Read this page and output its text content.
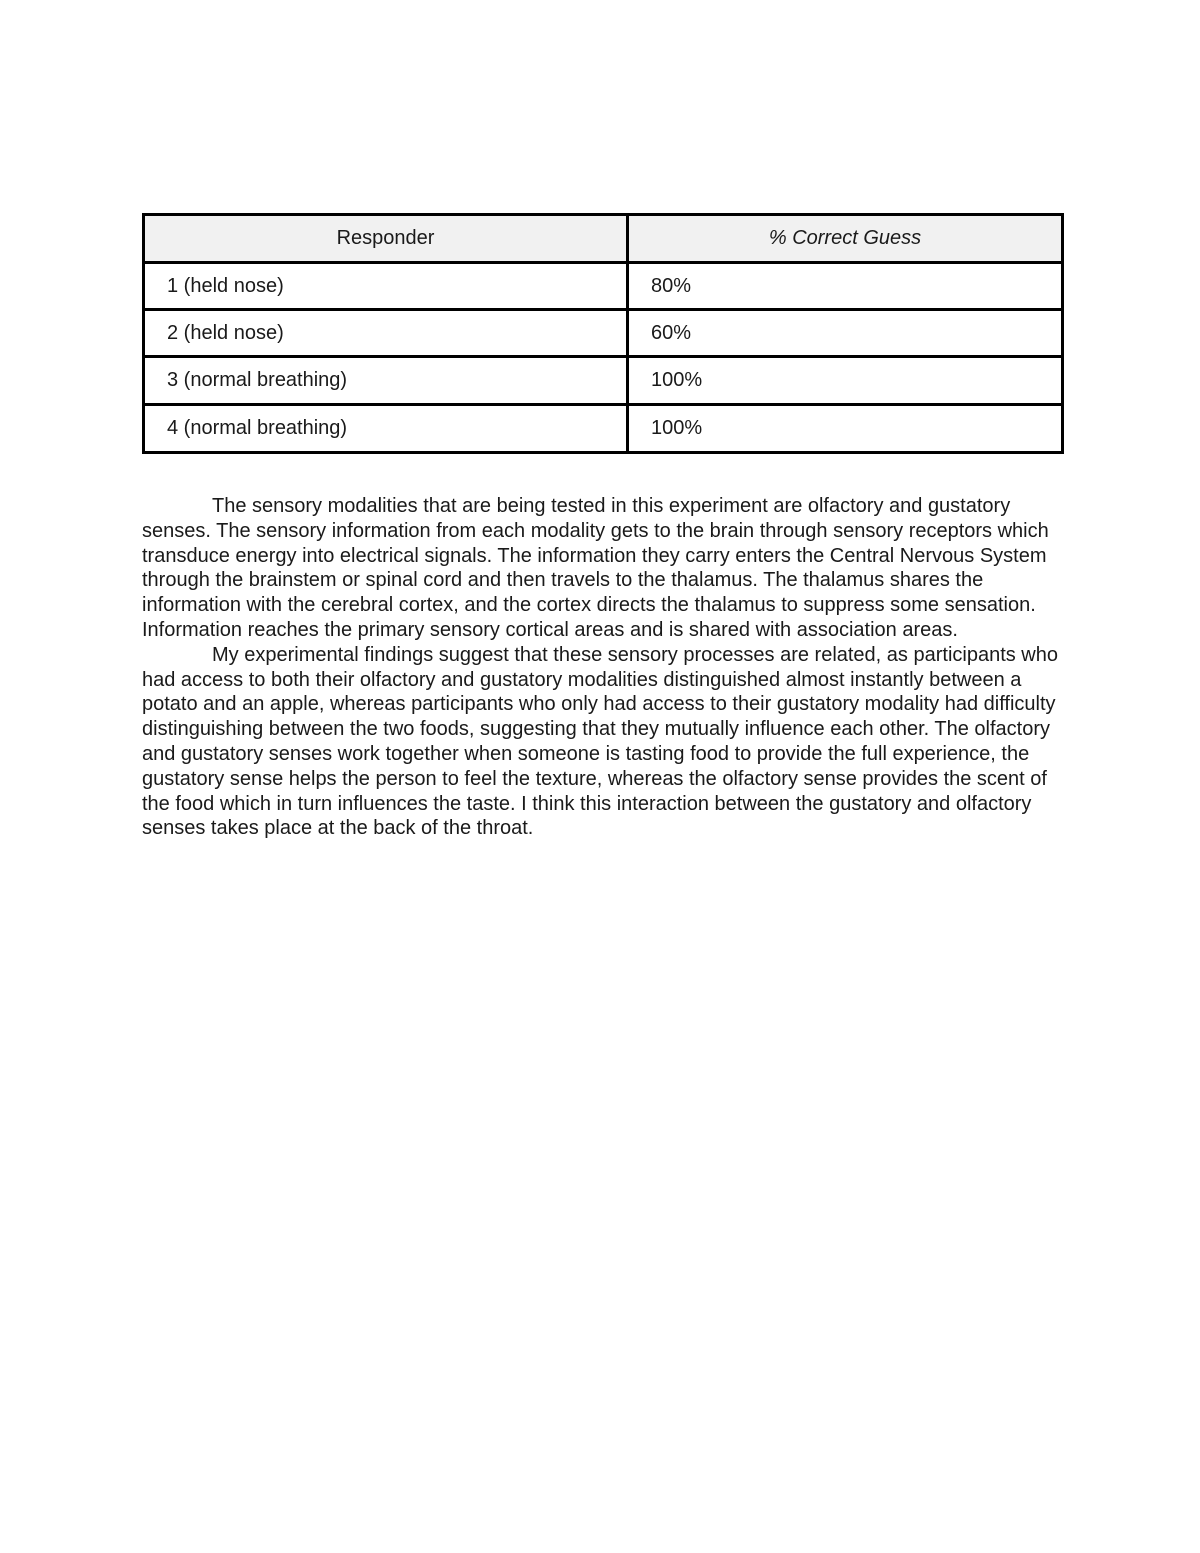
Responder	% Correct Guess
1 (held nose)	80%
2 (held nose)	60%
3 (normal breathing)	100%
4 (normal breathing)	100%

The sensory modalities that are being tested in this experiment are olfactory and gustatory senses. The sensory information from each modality gets to the brain through sensory receptors which transduce energy into electrical signals. The information they carry enters the Central Nervous System through the brainstem or spinal cord and then travels to the thalamus. The thalamus shares the information with the cerebral cortex, and the cortex directs the thalamus to suppress some sensation. Information reaches the primary sensory cortical areas and is shared with association areas.

My experimental findings suggest that these sensory processes are related, as participants who had access to both their olfactory and gustatory modalities distinguished almost instantly between a potato and an apple, whereas participants who only had access to their gustatory modality had difficulty distinguishing between the two foods, suggesting that they mutually influence each other. The olfactory and gustatory senses work together when someone is tasting food to provide the full experience, the gustatory sense helps the person to feel the texture, whereas the olfactory sense provides the scent of the food which in turn influences the taste. I think this interaction between the gustatory and olfactory senses takes place at the back of the throat.
